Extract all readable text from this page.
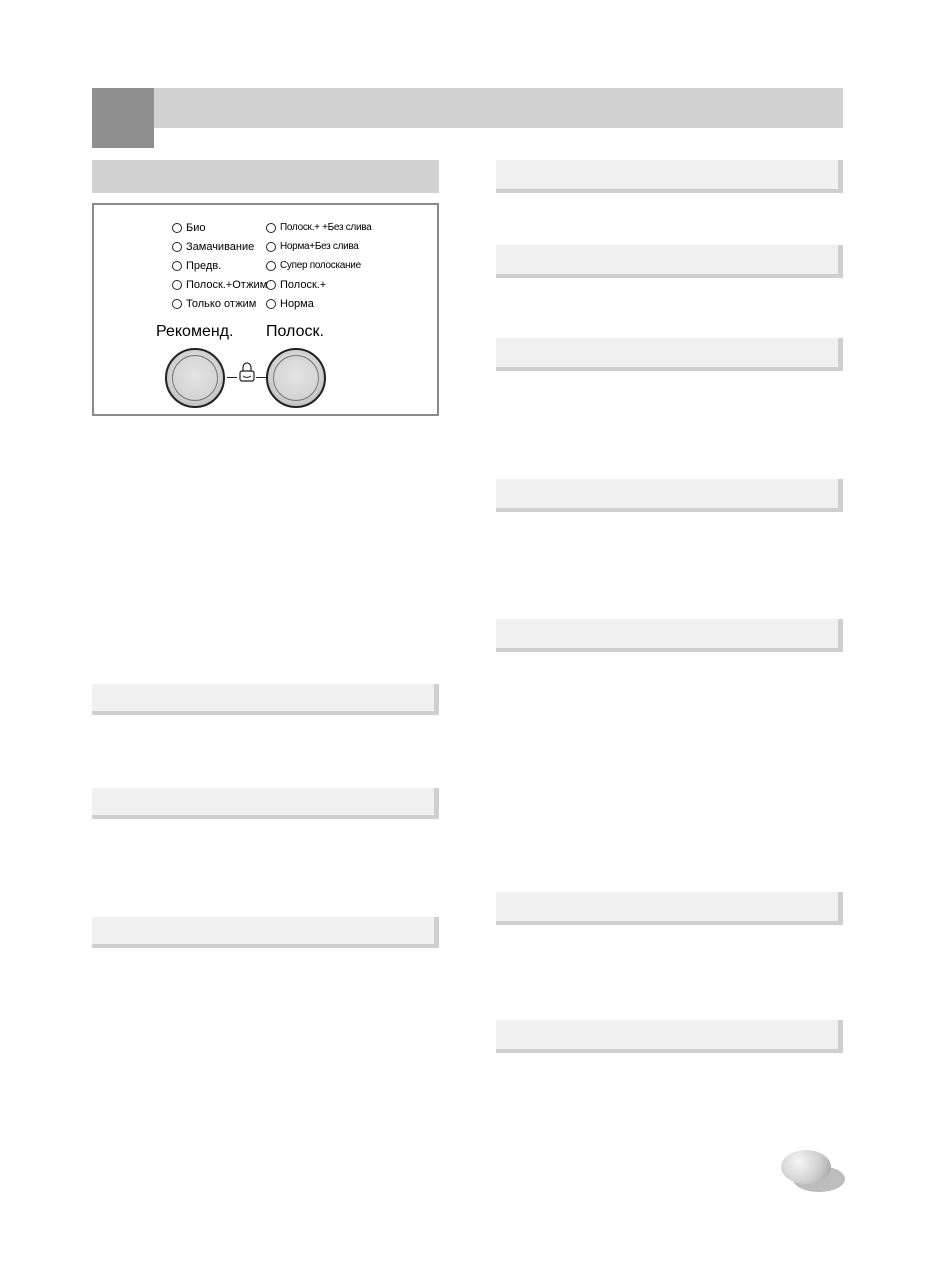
Био
Замачивание
Предв.
Полоск.+Отжим
Только отжим
Полоск.+ +Без слива
Норма+Без слива
Супер полоскание
Полоск.+
Норма
Рекоменд. Полоск.
